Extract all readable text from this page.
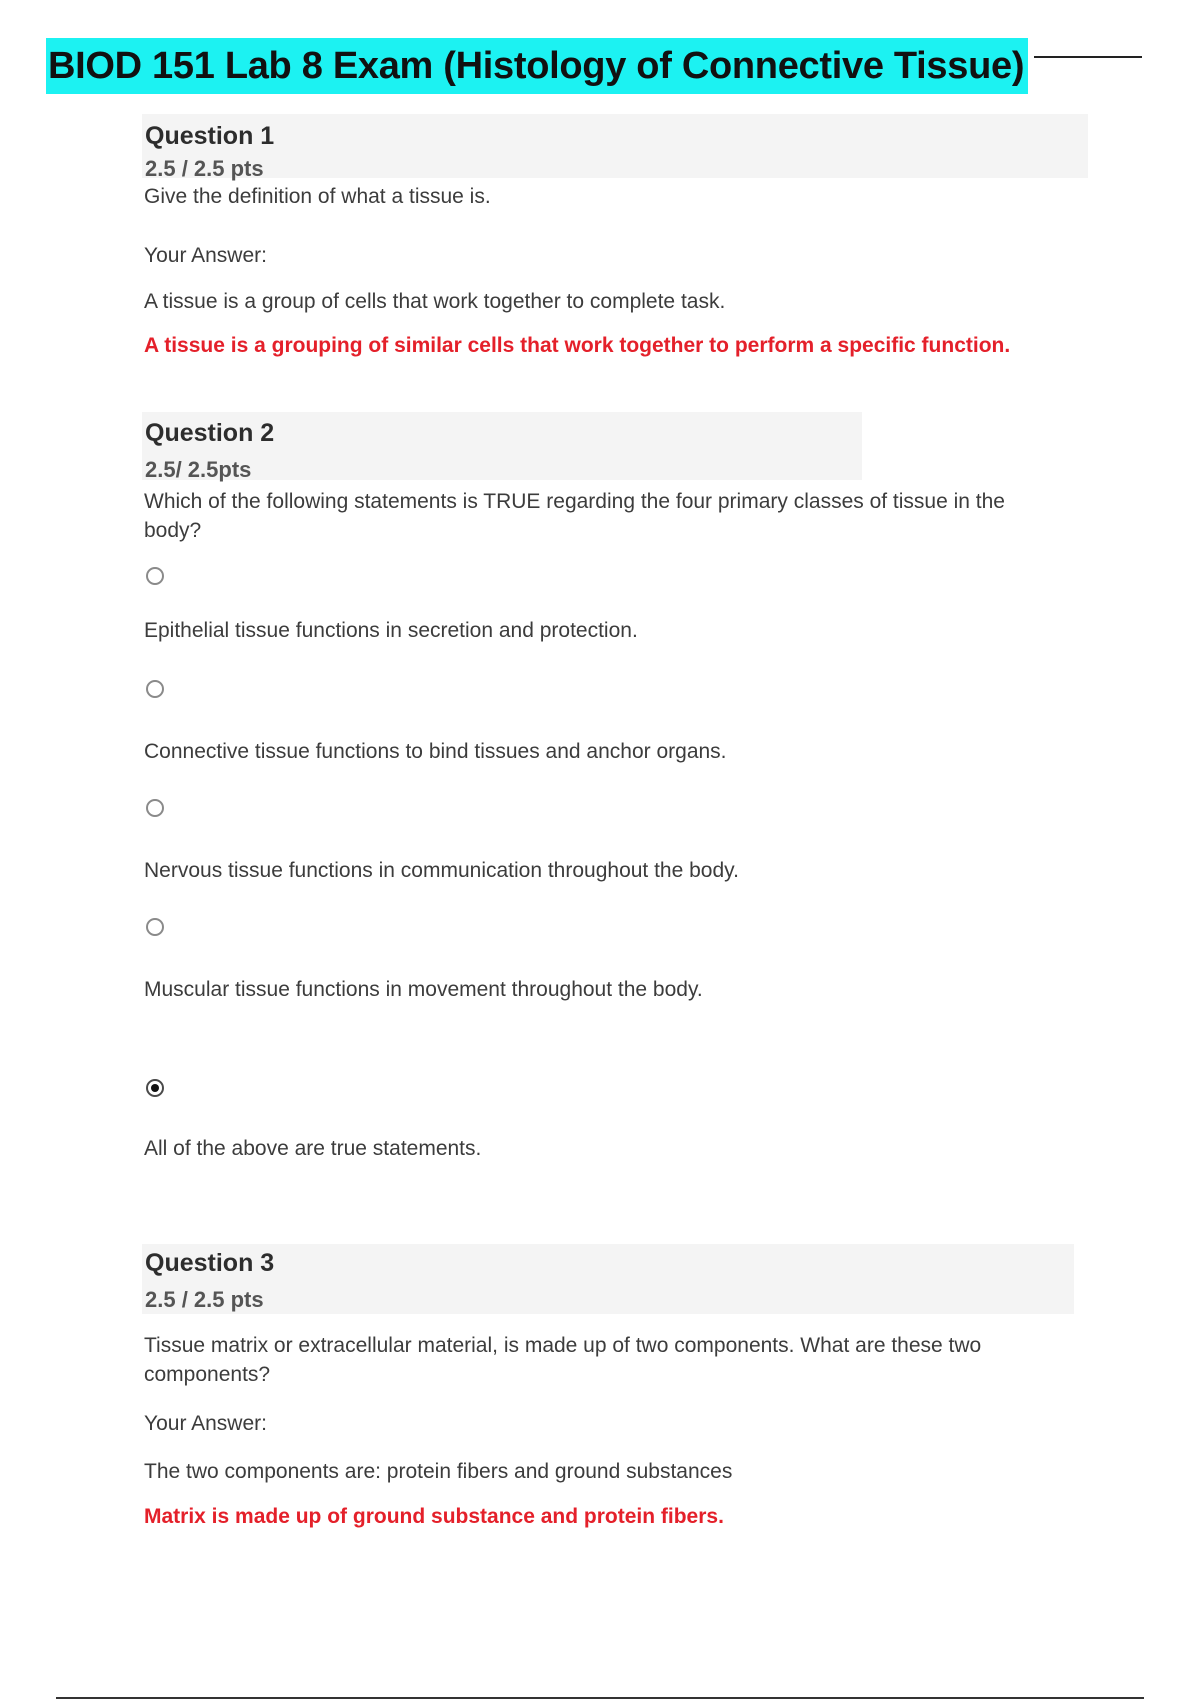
BIOD 151 Lab 8 Exam (Histology of Connective Tissue)
Question 1
2.5 / 2.5 pts
Give the definition of what a tissue is.
Your Answer:
A tissue is a group of cells that work together to complete task.
A tissue is a grouping of similar cells that work together to perform a specific function.
Question 2
2.5/ 2.5pts
Which of the following statements is TRUE regarding the four primary classes of tissue in the body?
Epithelial tissue functions in secretion and protection.
Connective tissue functions to bind tissues and anchor organs.
Nervous tissue functions in communication throughout the body.
Muscular tissue functions in movement throughout the body.
All of the above are true statements.
Question 3
2.5 / 2.5 pts
Tissue matrix or extracellular material, is made up of two components. What are these two components?
Your Answer:
The two components are: protein fibers and ground substances
Matrix is made up of ground substance and protein fibers.
